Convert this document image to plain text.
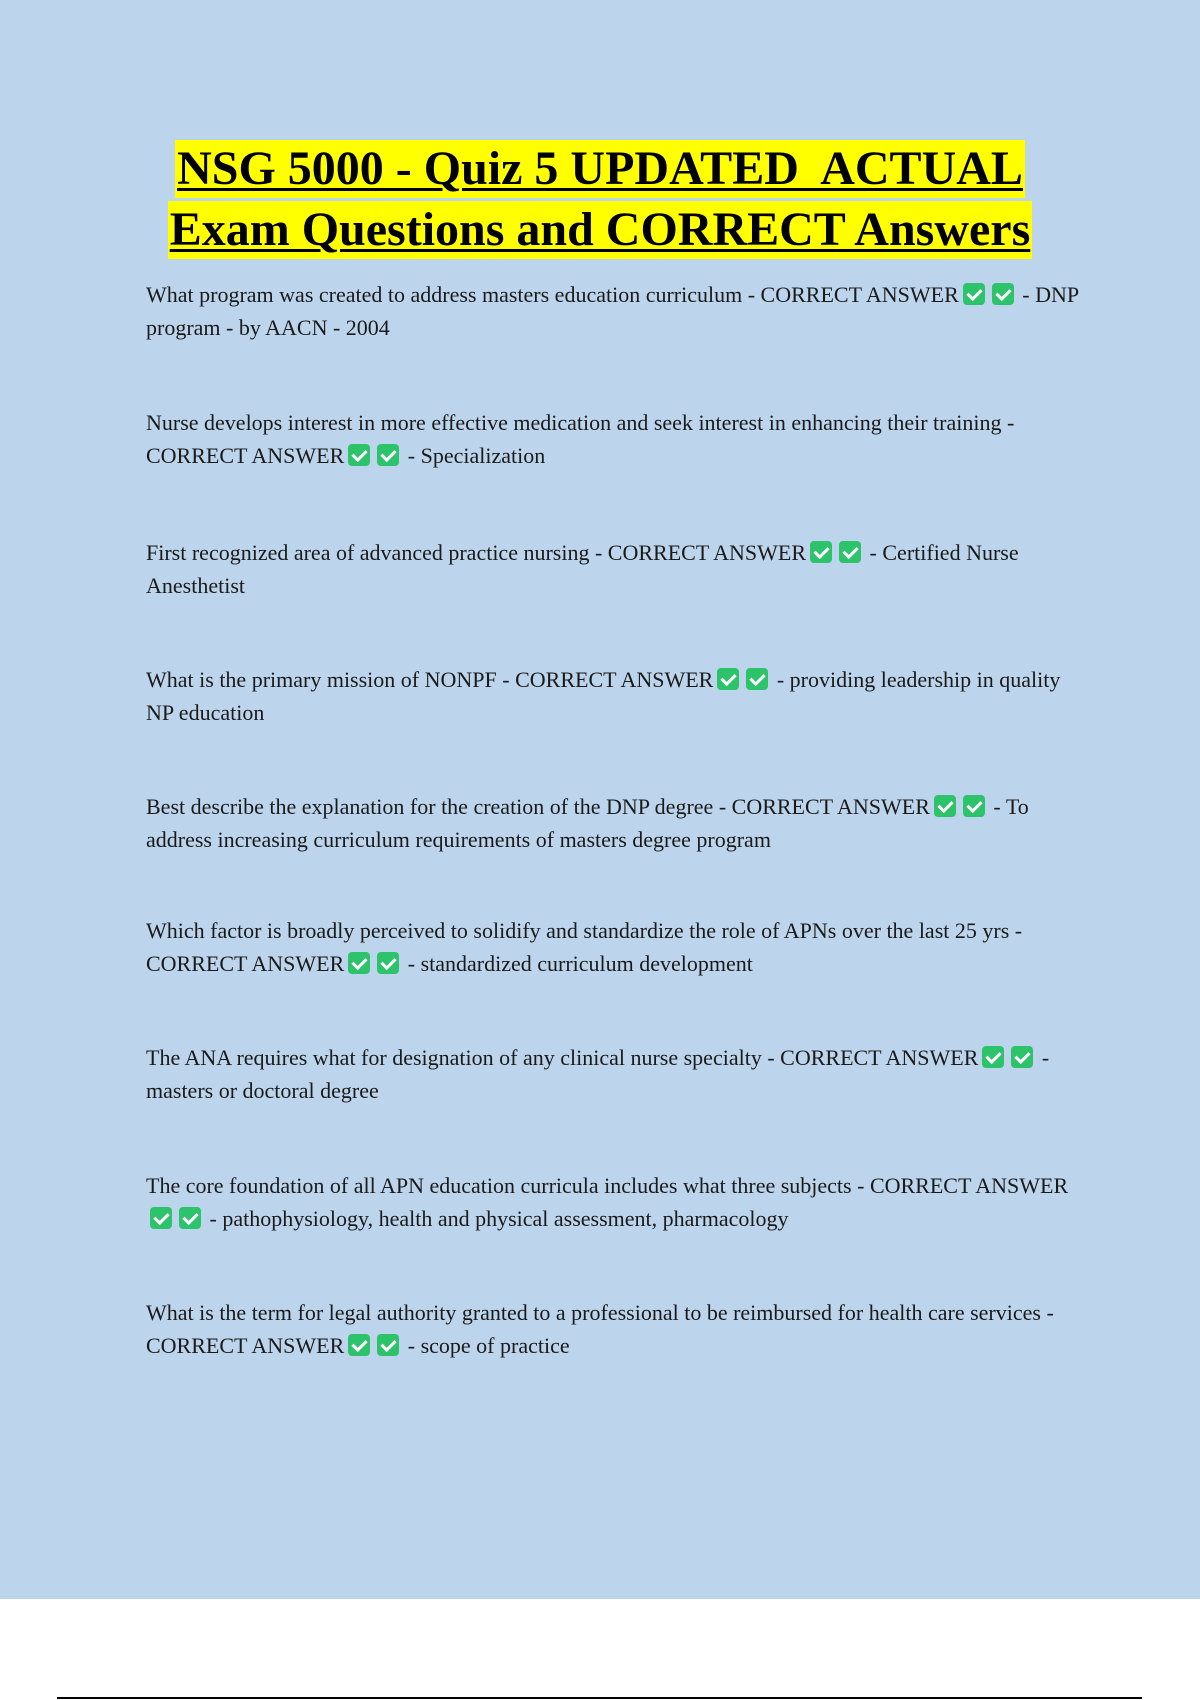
NSG 5000 - Quiz 5 UPDATED  ACTUAL
Exam Questions and CORRECT Answers
What program was created to address masters education curriculum - CORRECT ANSWER	- DNP program - by AACN - 2004
Nurse develops interest in more effective medication and seek interest in enhancing their training - CORRECT ANSWER	- Specialization
First recognized area of advanced practice nursing - CORRECT ANSWER	- Certified Nurse Anesthetist
What is the primary mission of NONPF - CORRECT ANSWER	- providing leadership in quality NP education
Best describe the explanation for the creation of the DNP degree - CORRECT ANSWER	- To address increasing curriculum requirements of masters degree program
Which factor is broadly perceived to solidify and standardize the role of APNs over the last 25 yrs - CORRECT ANSWER	- standardized curriculum development
The ANA requires what for designation of any clinical nurse specialty - CORRECT ANSWER	- masters or doctoral degree
The core foundation of all APN education curricula includes what three subjects - CORRECT ANSWER - pathophysiology, health and physical assessment, pharmacology
What is the term for legal authority granted to a professional to be reimbursed for health care services - CORRECT ANSWER	- scope of practice
